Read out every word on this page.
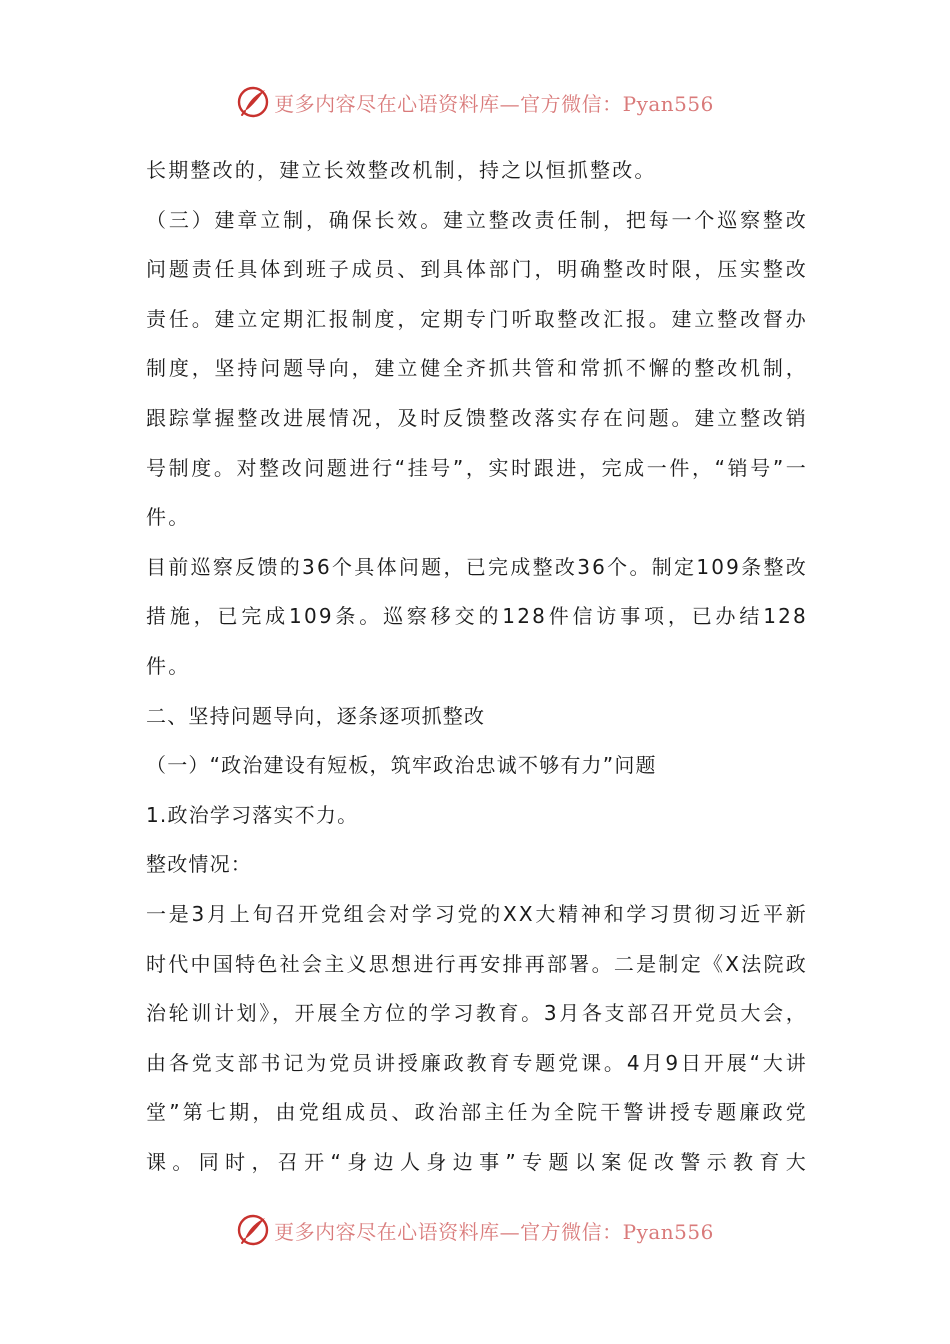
更多内容尽在心语资料库—官方微信：Pyan556

长期整改的，建立长效整改机制，持之以恒抓整改。

（三）建章立制，确保长效。建立整改责任制，把每一个巡察整改问题责任具体到班子成员、到具体部门，明确整改时限，压实整改责任。建立定期汇报制度，定期专门听取整改汇报。建立整改督办制度，坚持问题导向，建立健全齐抓共管和常抓不懈的整改机制，跟踪掌握整改进展情况，及时反馈整改落实存在问题。建立整改销号制度。对整改问题进行“挂号”，实时跟进，完成一件，“销号”一件。

目前巡察反馈的36个具体问题，已完成整改36个。制定109条整改措施，已完成109条。巡察移交的128件信访事项，已办结128件。

二、坚持问题导向，逐条逐项抓整改

（一）“政治建设有短板，筑牢政治忠诚不够有力”问题

1.政治学习落实不力。

整改情况：

一是3月上旬召开党组会对学习党的XX大精神和学习贯彻习近平新时代中国特色社会主义思想进行再安排再部署。二是制定《X法院政治轮训计划》，开展全方位的学习教育。3月各支部召开党员大会，由各党支部书记为党员讲授廉政教育专题党课。4月9日开展“大讲堂”第七期，由党组成员、政治部主任为全院干警讲授专题廉政党课。同时，召开“身边人身边事”专题以案促改警示教育大

更多内容尽在心语资料库—官方微信：Pyan556
